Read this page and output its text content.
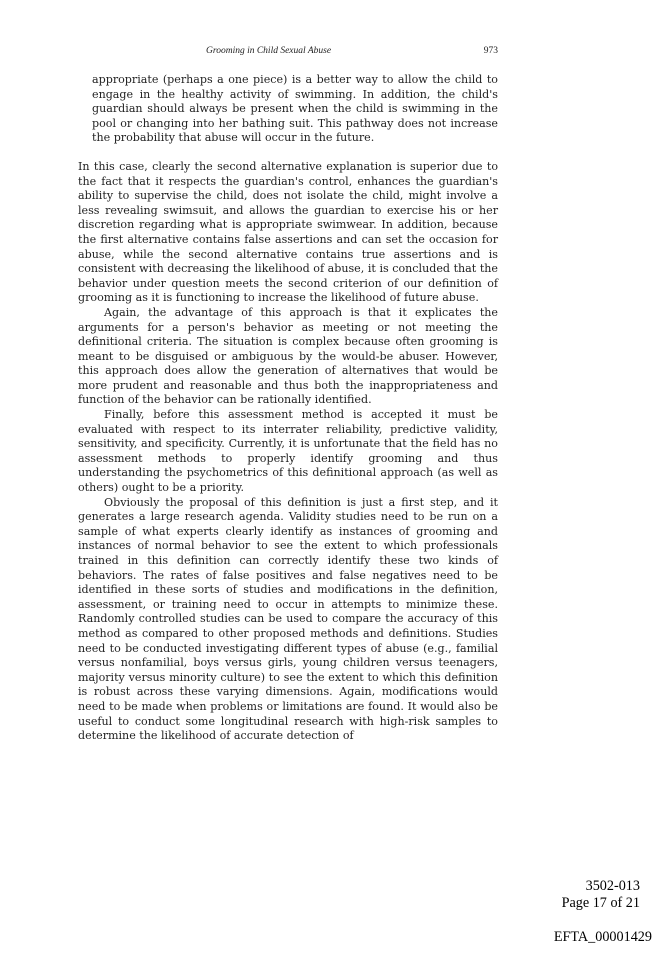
Grooming in Child Sexual Abuse	973

appropriate (perhaps a one piece) is a better way to allow the child to engage in the healthy activity of swimming. In addition, the child's guardian should always be present when the child is swimming in the pool or changing into her bathing suit. This pathway does not increase the probability that abuse will occur in the future.

In this case, clearly the second alternative explanation is superior due to the fact that it respects the guardian's control, enhances the guardian's ability to supervise the child, does not isolate the child, might involve a less revealing swimsuit, and allows the guardian to exercise his or her discretion regarding what is appropriate swimwear. In addition, because the first alternative contains false assertions and can set the occasion for abuse, while the second alternative contains true assertions and is consistent with decreasing the likelihood of abuse, it is concluded that the behavior under question meets the second criterion of our definition of grooming as it is functioning to increase the likelihood of future abuse.

Again, the advantage of this approach is that it explicates the arguments for a person's behavior as meeting or not meeting the definitional criteria. The situation is complex because often grooming is meant to be disguised or ambiguous by the would-be abuser. However, this approach does allow the generation of alternatives that would be more prudent and reasonable and thus both the inappropriateness and function of the behavior can be rationally identified.

Finally, before this assessment method is accepted it must be evaluated with respect to its interrater reliability, predictive validity, sensitivity, and specificity. Currently, it is unfortunate that the field has no assessment methods to properly identify grooming and thus understanding the psychometrics of this definitional approach (as well as others) ought to be a priority.

Obviously the proposal of this definition is just a first step, and it generates a large research agenda. Validity studies need to be run on a sample of what experts clearly identify as instances of grooming and instances of normal behavior to see the extent to which professionals trained in this definition can correctly identify these two kinds of behaviors. The rates of false positives and false negatives need to be identified in these sorts of studies and modifications in the definition, assessment, or training need to occur in attempts to minimize these. Randomly controlled studies can be used to compare the accuracy of this method as compared to other proposed methods and definitions. Studies need to be conducted investigating different types of abuse (e.g., familial versus nonfamilial, boys versus girls, young children versus teenagers, majority versus minority culture) to see the extent to which this definition is robust across these varying dimensions. Again, modifications would need to be made when problems or limitations are found. It would also be useful to conduct some longitudinal research with high-risk samples to determine the likelihood of accurate detection of

3502-013
Page 17 of 21
EFTA_00001429
